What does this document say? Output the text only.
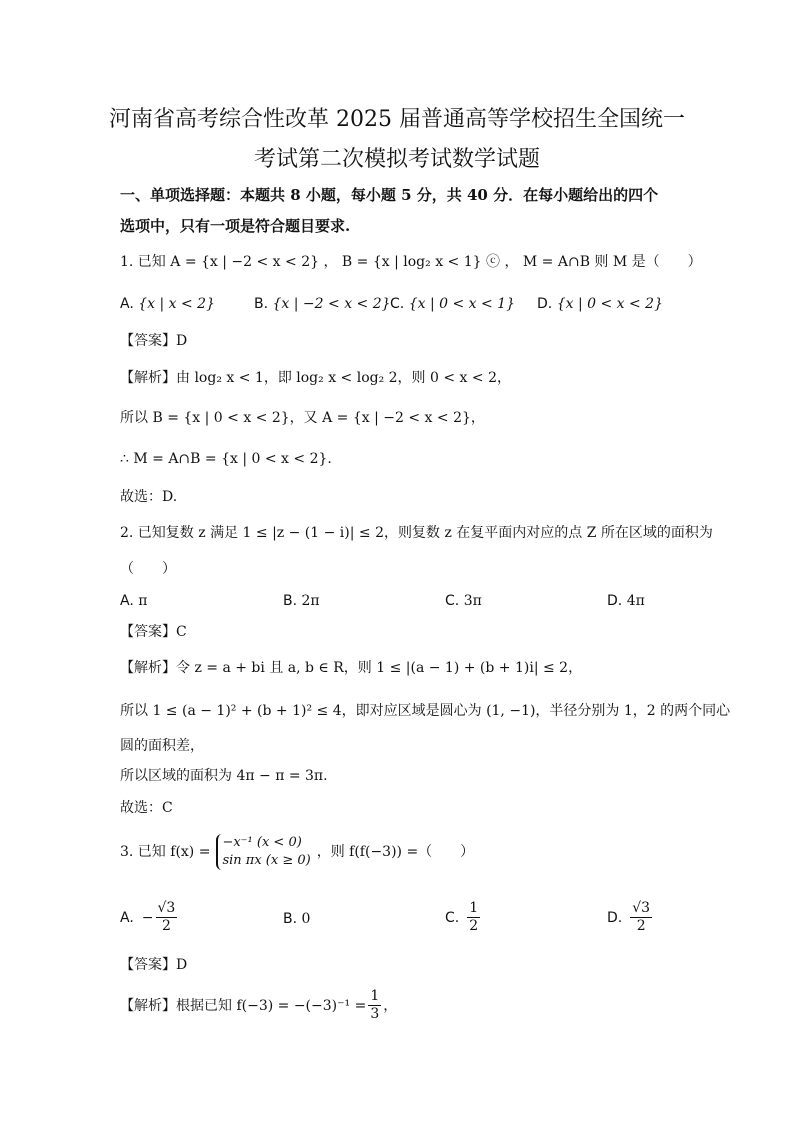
河南省高考综合性改革 2025 届普通高等学校招生全国统一
考试第二次模拟考试数学试题
一、单项选择题：本题共 8 小题，每小题 5 分，共 40 分．在每小题给出的四个
选项中，只有一项是符合题目要求.
1. 已知 A = {x | −2 < x < 2} ， B = {x | log₂ x < 1} ⓒ ， M = A∩B 则 M 是（　　）
A. {x | x < 2}	B. {x | −2 < x < 2} C. {x | 0 < x < 1} D. {x | 0 < x < 2}
【答案】D
【解析】由 log₂ x < 1，即 log₂ x < log₂ 2，则 0 < x < 2，
所以 B = {x | 0 < x < 2}，又 A = {x | −2 < x < 2}，
∴ M = A∩B = {x | 0 < x < 2}.
故选：D.
2. 已知复数 z 满足 1 ≤ |z − (1 − i)| ≤ 2，则复数 z 在复平面内对应的点 Z 所在区域的面积为
（　　）
A. π	B. 2π	C. 3π	D. 4π
【答案】C
【解析】令 z = a + bi 且 a, b ∈ R，则 1 ≤ |(a − 1) + (b + 1)i| ≤ 2，
所以 1 ≤ (a − 1)² + (b + 1)² ≤ 4，即对应区域是圆心为 (1, −1)，半径分别为 1，2 的两个同心
圆的面积差，
所以区域的面积为 4π − π = 3π.
故选：C
3. 已知 f(x) =
−x⁻¹ (x < 0)
sin πx (x ≥ 0)
，则 f(f(−3)) =（　　）
A. − $\frac{√3}{2}$	B. 0	C. $\frac{1}{2}$	D. $\frac{√3}{2}$
【答案】D
【解析】根据已知 $f(-3) = -(-3)^{-1} = \frac{1}{3}$ ，
